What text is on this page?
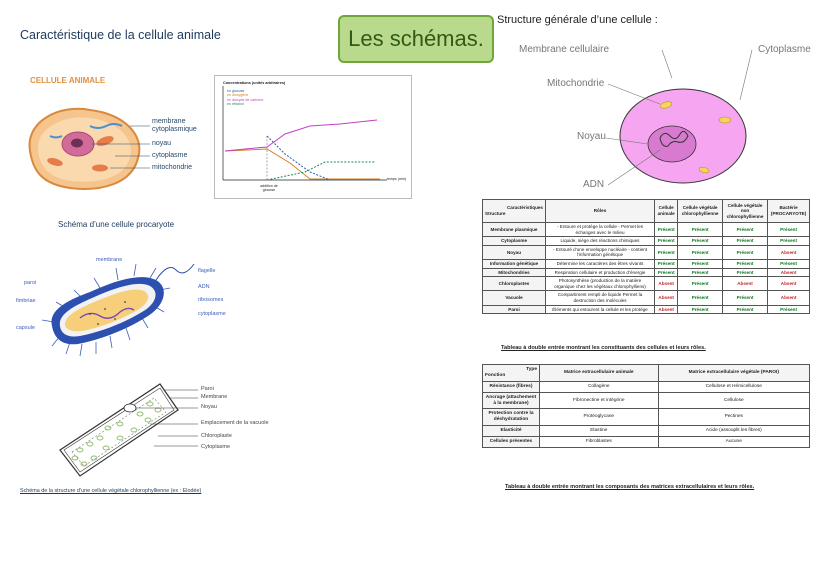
Caractéristique de la cellule animale	Les schémas.
Structure générale d’une cellule :
CELLULE ANIMALE
membrane cytoplasmique
noyau
cytoplasme
mitochondrie
Concentrations (unités arbitraires)
en glucose
en dioxygène
en dioxyde de carbone
en éthanol
temps (min)
addition de glucose
Schéma d’une cellule procaryote
membrane
flagelle
paroi
ADN
fimbriae	ribosomes
cytoplasme
capsule
Paroi
Membrane
Noyau
Emplacement de la vacuole
Chloroplaste
Cytoplasme
Schéma de la structure d’une cellule végétale chlorophyllienne (ex : Elodée)
Membrane cellulaire	Cytoplasme
Mitochondrie
Noyau
ADN
Caractéristiques
Structure	Rôles	Cellule animale	Cellule végétale chlorophyllienne	Cellule végétale non chlorophyllienne	Bactérie (PROCARYOTE)
Membrane plasmique	- Entoure et protège la cellule - Permet les échanges avec le milieu	Présent	Présent	Présent	Présent
Cytoplasme	Liquide, siège des réactions chimiques	Présent	Présent	Présent	Présent
Noyau	- Entouré d’une enveloppe nucléaire - contient l’information génétique	Présent	Présent	Présent	Absent
Information génétique	Détermine les caractères des êtres vivants	Présent	Présent	Présent	Présent
Mitochondries	Respiration cellulaire et production d’énergie	Présent	Présent	Présent	Absent
Chloroplastes	Photosynthèse (production de la matière organique chez les végétaux chlorophylliens)	Absent	Présent	Absent	Absent
Vacuole	Compartiment rempli de liquide Permet la destruction des molécules	Absent	Présent	Présent	Absent
Paroi	Éléments qui entourent la cellule et les protège	Absent	Présent	Présent	Présent
Tableau à double entrée montrant les constituants des cellules et leurs rôles.
Type
Fonction	Matrice extracellulaire animale	Matrice extracellulaire végétale (PAROI)
Résistance (fibres)	Collagène	Cellulose et Hémicellulose
Ancrage (attachement à la membrane)	Fibronectine et intégrine	Cellulose
Protection contre la déshydratation	Protéoglycane	Pectines
Elasticité	Elastine	Acide (assouplit les fibres)
Cellules présentes	Fibroblastes	Aucune
Tableau à double entrée montrant les composants des matrices extracellulaires et leurs rôles.
